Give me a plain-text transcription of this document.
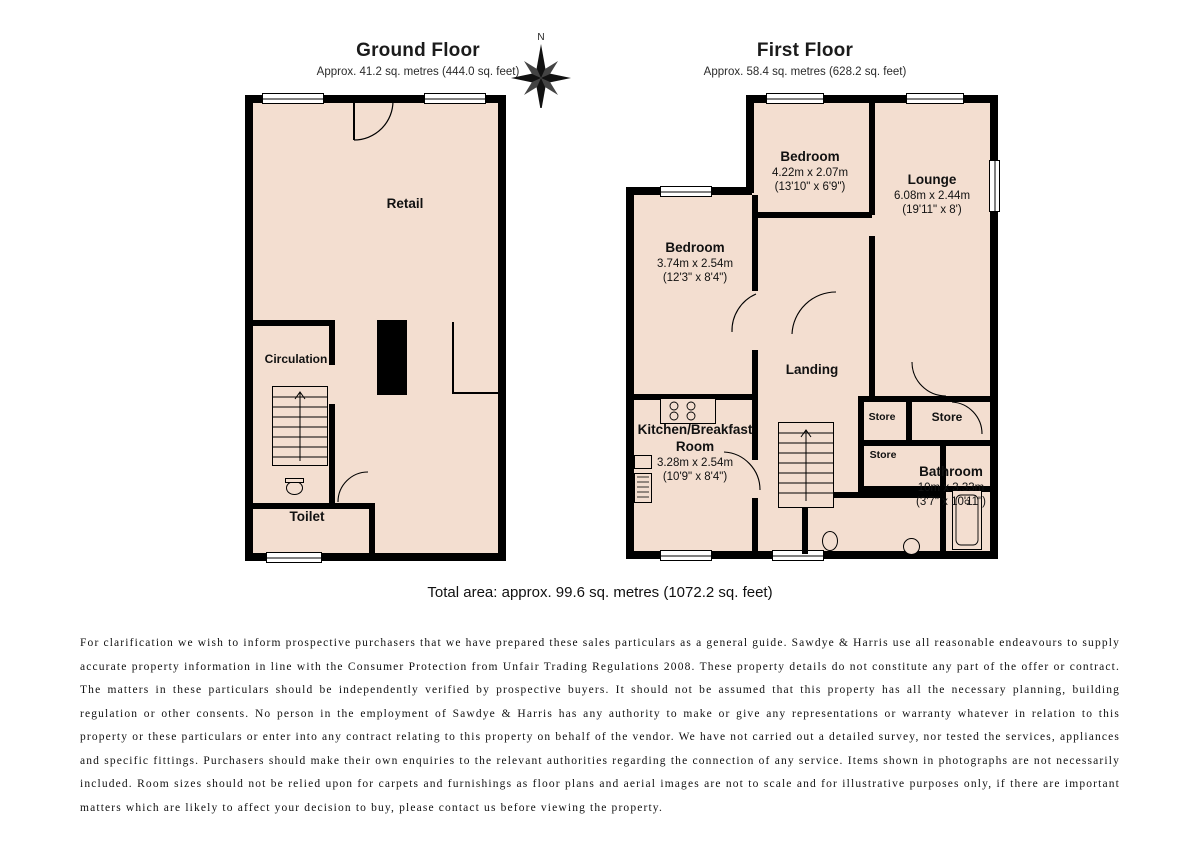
Ground Floor
Approx. 41.2 sq. metres (444.0 sq. feet)
First Floor
Approx. 58.4 sq. metres (628.2 sq. feet)
N
Retail
Circulation
Toilet
Bedroom
4.22m x 2.07m
(13'10" x 6'9")
Lounge
6.08m x 2.44m
(19'11" x 8')
Bedroom
3.74m x 2.54m
(12'3" x 8'4")
Landing
Kitchen/Breakfast
Room
3.28m x 2.54m
(10'9" x 8'4")
Store	Store
Store
Bathroom
10m x 3.33m
(3'7" x 10'11")
Total area: approx. 99.6 sq. metres (1072.2 sq. feet)
For clarification we wish to inform prospective purchasers that we have prepared these sales particulars as a general guide. Sawdye & Harris use all reasonable endeavours to supply accurate property information in line with the Consumer Protection from Unfair Trading Regulations 2008. These property details do not constitute any part of the offer or contract. The matters in these particulars should be independently verified by prospective buyers. It should not be assumed that this property has all the necessary planning, building regulation or other consents. No person in the employment of Sawdye & Harris has any authority to make or give any representations or warranty whatever in relation to this property or these particulars or enter into any contract relating to this property on behalf of the vendor. We have not carried out a detailed survey, nor tested the services, appliances and specific fittings. Purchasers should make their own enquiries to the relevant authorities regarding the connection of any service. Items shown in photographs are not necessarily included. Room sizes should not be relied upon for carpets and furnishings as floor plans and aerial images are not to scale and for illustrative purposes only, if there are important matters which are likely to affect your decision to buy, please contact us before viewing the property.
